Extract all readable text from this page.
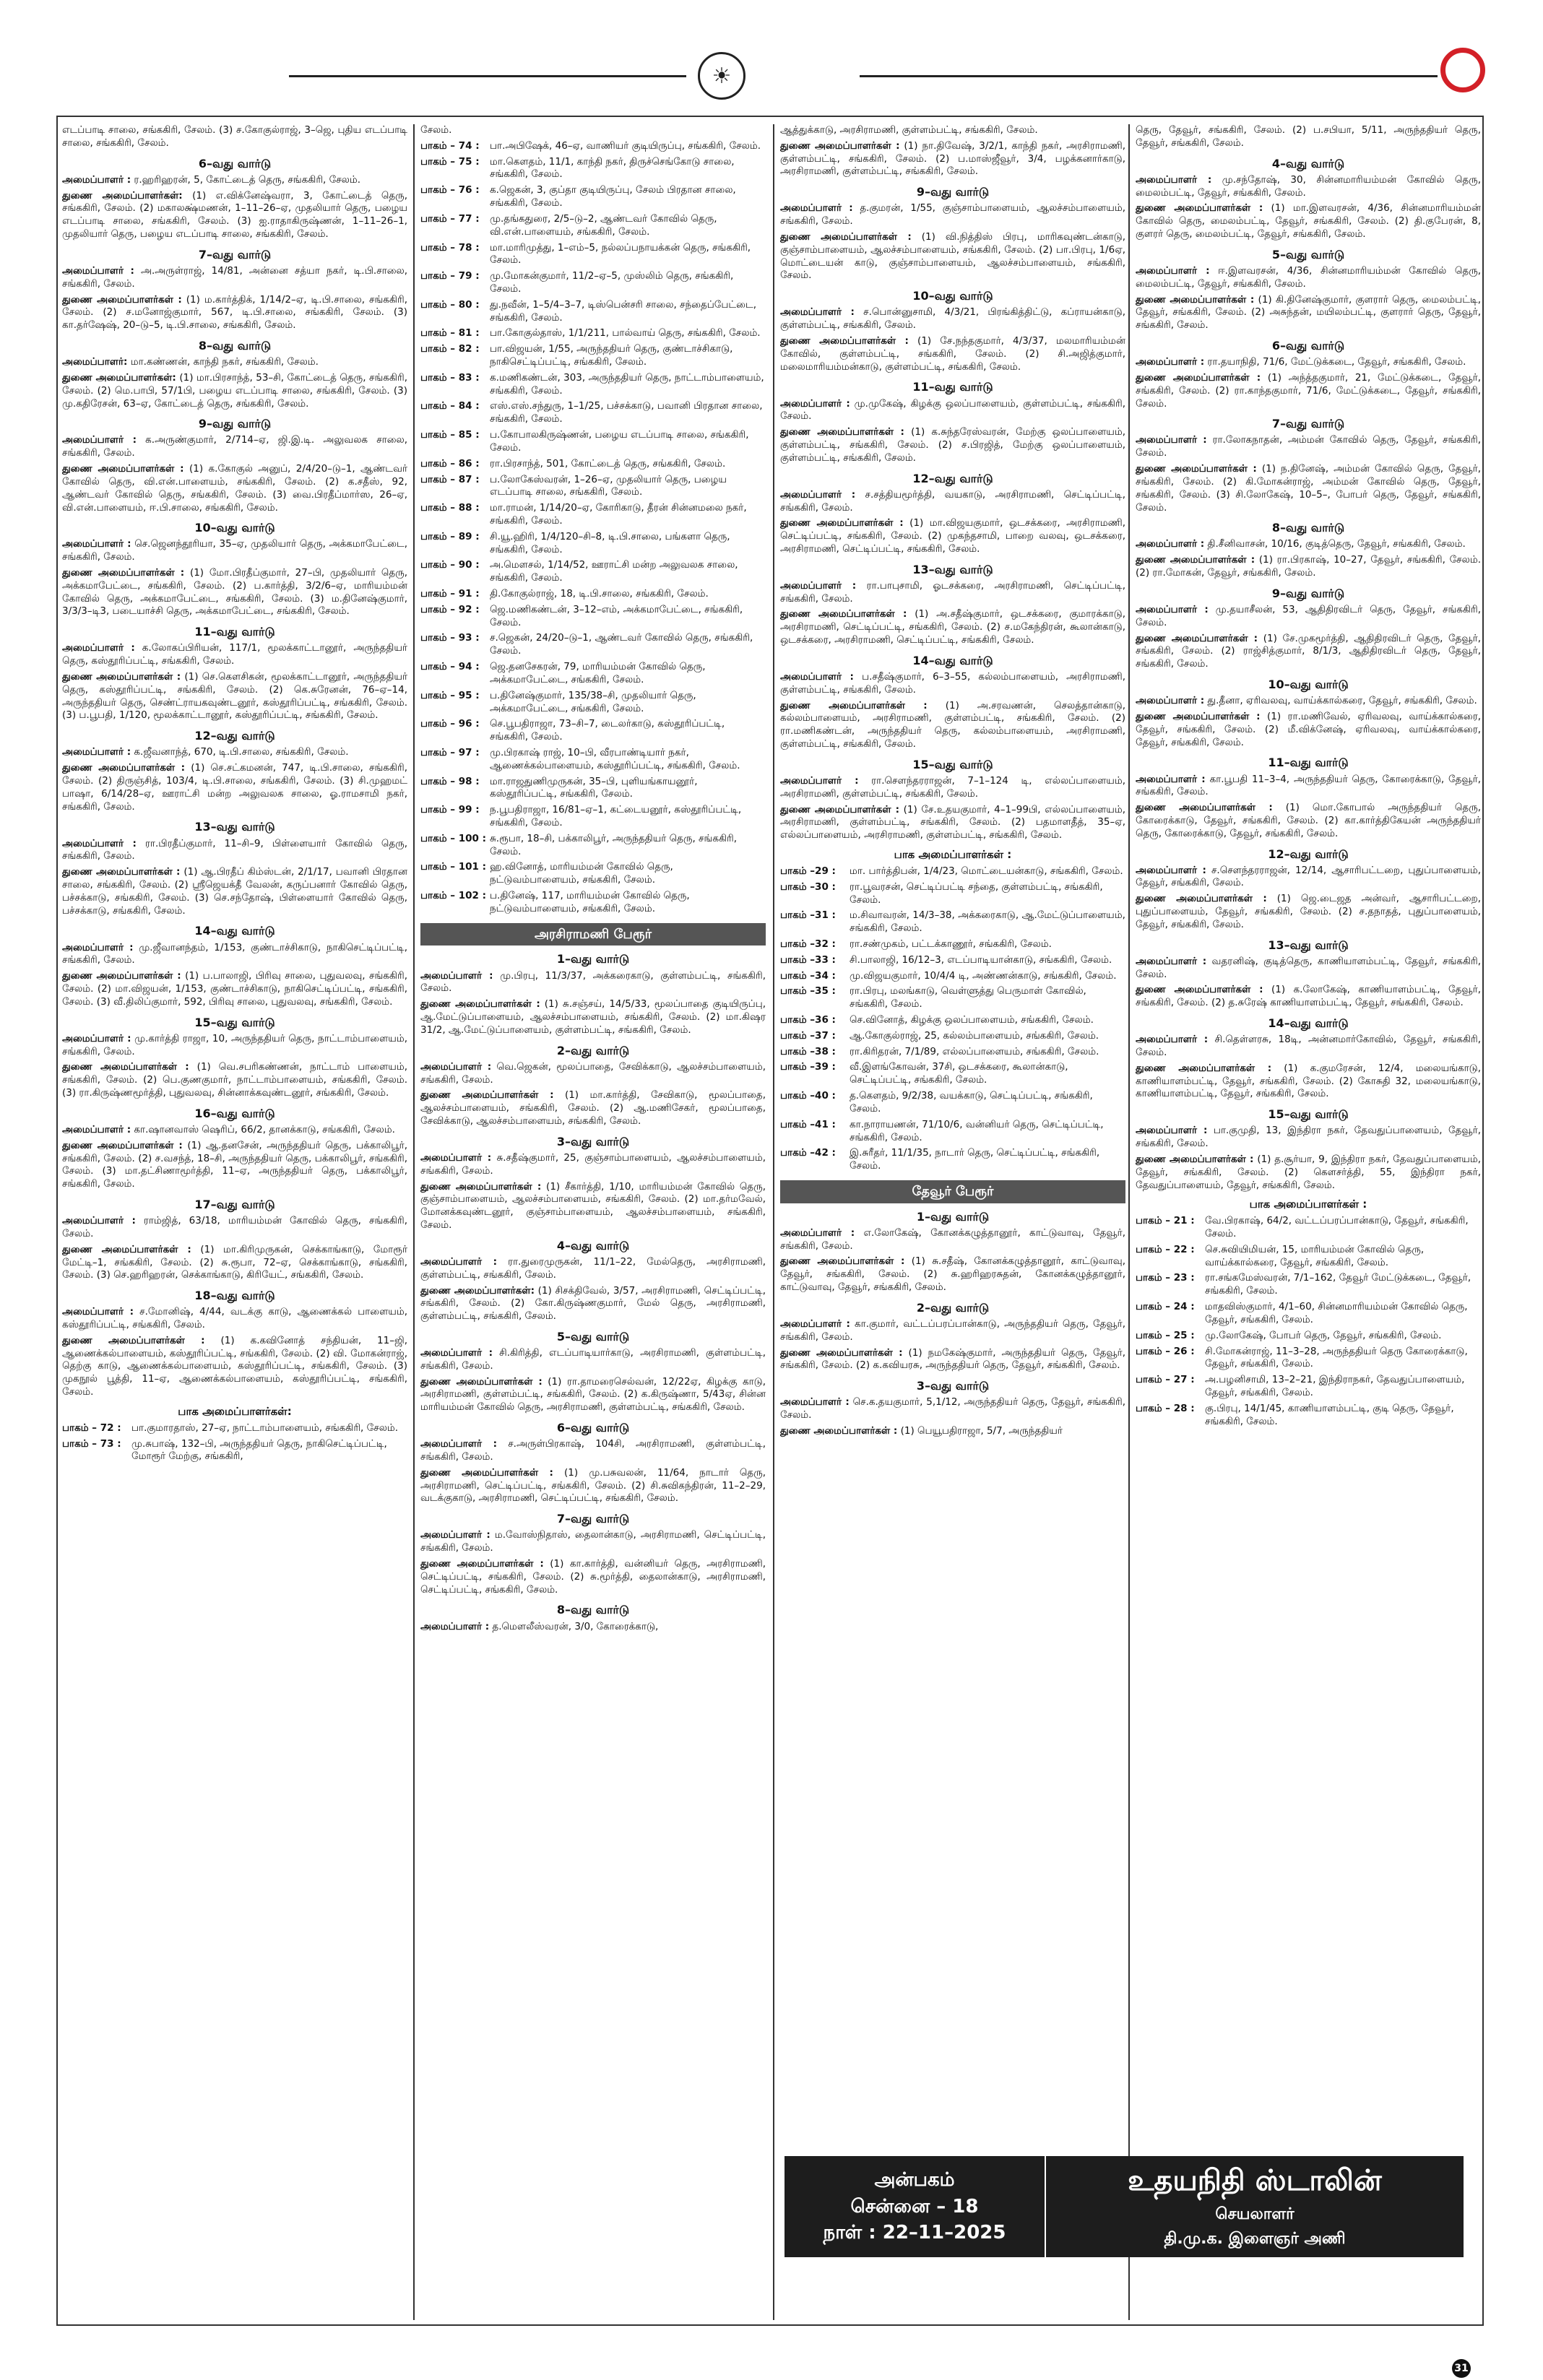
☀

எடப்பாடி சாலை, சங்ககிரி, சேலம். (3) ச.கோகுல்ராஜ், 3–ஜெ, புதிய எடப்பாடி சாலை, சங்ககிரி, சேலம்.

6–வது வார்டு

அமைப்பாளர் : ர.ஹரிஹரன், 5, கோட்டைத் தெரு, சங்ககிரி, சேலம்.

துணை அமைப்பாளர்கள்: (1) எ.விக்னேஷ்வரா, 3, கோட்டைத் தெரு, சங்ககிரி, சேலம். (2) மகாலக்ஷ்மணன், 1–11–26–ஏ, முதலியார் தெரு, பழைய எடப்பாடி சாலை, சங்ககிரி, சேலம். (3) ஐ.ராதாகிருஷ்ணன், 1–11–26–1, முதலியார் தெரு, பழைய எடப்பாடி சாலை, சங்ககிரி, சேலம்.

7–வது வார்டு

அமைப்பாளர் : அ.அருள்ராஜ், 14/81, அன்னை சத்யா நகர், டி.பி.சாலை, சங்ககிரி, சேலம்.

துணை அமைப்பாளர்கள் : (1) ம.கார்த்திக், 1/14/2–ஏ, டி.பி.சாலை, சங்ககிரி, சேலம். (2) ச.மனோஜ்குமார், 567, டி.பி.சாலை, சங்ககிரி, சேலம். (3) கா.தர்ஷேஷ், 20–டு–5, டி.பி.சாலை, சங்ககிரி, சேலம்.

8–வது வார்டு

அமைப்பாளர்: மா.கண்ணன், காந்தி நகர், சங்ககிரி, சேலம்.

துணை அமைப்பாளர்கள்: (1) மா.பிரசாந்த், 53–சி, கோட்டைத் தெரு, சங்ககிரி, சேலம். (2) மெ.பாபி, 57/1பி, பழைய எடப்பாடி சாலை, சங்ககிரி, சேலம். (3) மு.கதிரேசன், 63–ஏ, கோட்டைத் தெரு, சங்ககிரி, சேலம்.

9–வது வார்டு

அமைப்பாளர் : க.அருண்குமார், 2/714–ஏ, ஜி.இ.டி. அலுவலக சாலை, சங்ககிரி, சேலம்.

துணை அமைப்பாளர்கள் : (1) க.கோகுல் அனுப், 2/4/20–டு–1, ஆண்டவர் கோவில் தெரு, வி.என்.பாளையம், சங்ககிரி, சேலம். (2) க.சதீஸ், 92, ஆண்டவர் கோவில் தெரு, சங்ககிரி, சேலம். (3) வை.பிரதீப்மார்ஸ, 26–ஏ, வி.என்.பாளையம், ஈ.பி.சாலை, சங்ககிரி, சேலம்.

10–வது வார்டு

அமைப்பாளர் : செ.ஜெனந்தூரியா, 35–ஏ, முதலியார் தெரு, அக்கமாபேட்டை, சங்ககிரி, சேலம்.

துணை அமைப்பாளர்கள் : (1) மோ.பிரதீப்குமார், 27–பி, முதலியார் தெரு, அக்கமாபேட்டை, சங்ககிரி, சேலம். (2) ப.கார்த்தி, 3/2/6–ஏ, மாரியம்மன் கோவில் தெரு, அக்கமாபேட்டை, சங்ககிரி, சேலம். (3) ம.தினேஷ்குமார், 3/3/3–டி3, படையாச்சி தெரு, அக்கமாபேட்டை, சங்ககிரி, சேலம்.

11–வது வார்டு

அமைப்பாளர் : க.லோகப்பிரியன், 117/1, மூலக்காட்டானூர், அருந்ததியர் தெரு, கஸ்தூரிப்பட்டி, சங்ககிரி, சேலம்.

துணை அமைப்பாளர்கள் : (1) செ.கௌசிகன், மூலக்காட்டானூர், அருந்ததியர் தெரு, கஸ்தூரிப்பட்டி, சங்ககிரி, சேலம். (2) கெ.சுரேனன், 76–ஏ–14, அருந்ததியர் தெரு, செண்ட்ராயகவுண்டனூர், கஸ்தூரிப்பட்டி, சங்ககிரி, சேலம். (3) ப.பூபதி, 1/120, மூலக்காட்டானூர், கஸ்தூரிப்பட்டி, சங்ககிரி, சேலம்.

12–வது வார்டு

அமைப்பாளர் : க.ஜீவனாந்த், 670, டி.பி.சாலை, சங்ககிரி, சேலம்.

துணை அமைப்பாளர்கள் : (1) செ.சட்கமனன், 747, டி.பி.சாலை, சங்ககிரி, சேலம். (2) திருஞ்சித், 103/4, டி.பி.சாலை, சங்ககிரி, சேலம். (3) சி.முஹமட் பாஷா, 6/14/28–ஏ, ஊராட்சி மன்ற அலுவலக சாலை, ஓ.ராமசாமி நகர், சங்ககிரி, சேலம்.

13–வது வார்டு

அமைப்பாளர் : ரா.பிரதீப்குமார், 11–சி–9, பிள்ளையார் கோவில் தெரு, சங்ககிரி, சேலம்.

துணை அமைப்பாளர்கள் : (1) ஆ.பிரதீப் கிம்ஸ்டன், 2/1/17, பவானி பிரதான சாலை, சங்ககிரி, சேலம். (2) ஸ்ரீஜெயக்தீ வேலன், கருப்பனார் கோவில் தெரு, பச்சக்காடு, சங்ககிரி, சேலம். (3) செ.சந்தோஷ், பிள்ளையார் கோவில் தெரு, பச்சக்காடு, சங்ககிரி, சேலம்.

14–வது வார்டு

அமைப்பாளர் : மு.ஜீவானந்தம், 1/153, குண்டாச்சிகாடு, நாகிசெட்டிப்பட்டி, சங்ககிரி, சேலம்.

துணை அமைப்பாளர்கள் : (1) ப.பாலாஜி, பிரிவு சாலை, புதுவலவு, சங்ககிரி, சேலம். (2) மா.விஜயன், 1/153, குண்டாச்சிகாடு, நாகிசெட்டிப்பட்டி, சங்ககிரி, சேலம். (3) வீ.திலிப்குமார், 592, பிரிவு சாலை, புதுவலவு, சங்ககிரி, சேலம்.

15–வது வார்டு

அமைப்பாளர் : மு.கார்த்தி ராஜா, 10, அருந்ததியர் தெரு, நாட்டாம்பாளையம், சங்ககிரி, சேலம்.

துணை அமைப்பாளர்கள் : (1) வெ.சபரிகண்ணன், நாட்டாம் பாளையம், சங்ககிரி, சேலம். (2) பெ.குணகுமார், நாட்டாம்பாளையம், சங்ககிரி, சேலம். (3) ரா.கிருஷ்ணமூர்த்தி, புதுவலவு, சின்னாக்கவுண்டனூர், சங்ககிரி, சேலம்.

16–வது வார்டு

அமைப்பாளர் : கா.ஷானவாஸ் ஷெரிப், 66/2, தானக்காடு, சங்ககிரி, சேலம்.

துணை அமைப்பாளர்கள் : (1) ஆ.தனசேன், அருந்ததியர் தெரு, பக்காலிபூர், சங்ககிரி, சேலம். (2) ச.வசந்த், 18–சி, அருந்ததியர் தெரு, பக்காலிபூர், சங்ககிரி, சேலம். (3) மா.தட்சிணாமூர்த்தி, 11–ஏ, அருந்ததியர் தெரு, பக்காலிபூர், சங்ககிரி, சேலம்.

17–வது வார்டு

அமைப்பாளர் : ராம்ஜித், 63/18, மாரியம்மன் கோவில் தெரு, சங்ககிரி, சேலம்.

துணை அமைப்பாளர்கள் : (1) மா.கிரிமுருகன், செக்காங்காடு, மோரூர் மேட்டி–1, சங்ககிரி, சேலம். (2) சு.ரூபா, 72–ஏ, செக்காங்காடு, சங்ககிரி, சேலம். (3) செ.ஹரிஹரன், செக்காங்காடு, கிரியேட், சங்ககிரி, சேலம்.

18–வது வார்டு

அமைப்பாளர் : ச.மோனிஷ், 4/44, வடக்கு காடு, ஆணைக்கல் பாளையம், கஸ்தூரிப்பட்டி, சங்ககிரி, சேலம்.

துணை அமைப்பாளர்கள் : (1) க.கவினோத் சந்தியன், 11–ஜி, ஆணைக்கல்பாளையம், கஸ்தூரிப்பட்டி, சங்ககிரி, சேலம். (2) வி. மோகன்ராஜ், தெற்கு காடு, ஆணைக்கல்பாளையம், கஸ்தூரிப்பட்டி, சங்ககிரி, சேலம். (3) முகநூல் பூத்தி, 11–ஏ, ஆணைக்கல்பாளையம், கஸ்தூரிப்பட்டி, சங்ககிரி, சேலம்.

பாக அமைப்பாளர்கள்:
பாகம் – 72 :	பா.குமாரதாஸ், 27–ஏ, நாட்டாம்பாளையம், சங்ககிரி, சேலம்.
பாகம் – 73 :	மு.சுபாஷ், 132–பி, அருந்ததியர் தெரு, நாகிசெட்டிப்பட்டி, மோரூர் மேற்கு, சங்ககிரி,

சேலம்.

பாகம் – 74 :	பா.அபிஷேக், 46–ஏ, வாணியர் குடியிருப்பு, சங்ககிரி, சேலம்.
பாகம் – 75 :	மா.கௌதம், 11/1, காந்தி நகர், திருச்செங்கோடு சாலை, சங்ககிரி, சேலம்.
பாகம் – 76 :	க.ஜெகன், 3, குப்தா குடியிருப்பு, சேலம் பிரதான சாலை, சங்ககிரி, சேலம்.
பாகம் – 77 :	மு.தங்கதுரை, 2/5–டு–2, ஆண்டவர் கோவில் தெரு, வி.என்.பாளையம், சங்ககிரி, சேலம்.
பாகம் – 78 :	மா.மாரிமுத்து, 1–எம்–5, நல்லப்பநாயக்கன் தெரு, சங்ககிரி, சேலம்.
பாகம் – 79 :	மு.மோகன்குமார், 11/2–ஏ–5, முஸ்லிம் தெரு, சங்ககிரி, சேலம்.
பாகம் – 80 :	து.நவீன், 1–5/4–3–7, டிஸ்பென்சரி சாலை, சந்தைப்பேட்டை, சங்ககிரி, சேலம்.
பாகம் – 81 :	பா.கோகுல்தாஸ், 1/1/211, பால்வாய் தெரு, சங்ககிரி, சேலம்.
பாகம் – 82 :	பா.விஜயன், 1/55, அருந்ததியர் தெரு, குண்டாச்சிகாடு, நாகிசெட்டிப்பட்டி, சங்ககிரி, சேலம்.
பாகம் – 83 :	க.மணிகண்டன், 303, அருந்ததியர் தெரு, நாட்டாம்பாளையம், சங்ககிரி, சேலம்.
பாகம் – 84 :	எஸ்.எஸ்.சந்துரு, 1–1/25, பச்சக்காடு, பவானி பிரதான சாலை, சங்ககிரி, சேலம்.
பாகம் – 85 :	ப.கோபாலகிருஷ்ணன், பழைய எடப்பாடி சாலை, சங்ககிரி, சேலம்.
பாகம் – 86 :	ரா.பிரசாந்த், 501, கோட்டைத் தெரு, சங்ககிரி, சேலம்.
பாகம் – 87 :	ப.லோகேஸ்வரன், 1–26–ஏ, முதலியார் தெரு, பழைய எடப்பாடி சாலை, சங்ககிரி, சேலம்.
பாகம் – 88 :	மா.ராமன், 1/14/20–ஏ, கோரிகாடு, தீரன் சின்னமலை நகர், சங்ககிரி, சேலம்.
பாகம் – 89 :	சி.யூ.ஹிரி, 1/4/120–சி–8, டி.பி.சாலை, பங்களா தெரு, சங்ககிரி, சேலம்.
பாகம் – 90 :	அ.மௌசல், 1/14/52, ஊராட்சி மன்ற அலுவலக சாலை, சங்ககிரி, சேலம்.
பாகம் – 91 :	தி.கோகுல்ராஜ், 18, டி.பி.சாலை, சங்ககிரி, சேலம்.
பாகம் – 92 :	ஜெ.மணிகண்டன், 3–12–எம், அக்கமாபேட்டை, சங்ககிரி, சேலம்.
பாகம் – 93 :	ச.ஜெகன், 24/20–டு–1, ஆண்டவர் கோவில் தெரு, சங்ககிரி, சேலம்.
பாகம் – 94 :	ஜெ.தனசேகரன், 79, மாரியம்மன் கோவில் தெரு, அக்கமாபேட்டை, சங்ககிரி, சேலம்.
பாகம் – 95 :	ப.தினேஷ்குமார், 135/38–சி, முதலியார் தெரு, அக்கமாபேட்டை, சங்ககிரி, சேலம்.
பாகம் – 96 :	செ.பூபதிராஜா, 73–சி–7, டைலர்காடு, கஸ்தூரிப்பட்டி, சங்ககிரி, சேலம்.
பாகம் – 97 :	மு.பிரகாஷ் ராஜ், 10–பி, வீரபாண்டியார் நகர், ஆணைக்கல்பாளையம், கஸ்தூரிப்பட்டி, சங்ககிரி, சேலம்.
பாகம் – 98 :	மா.ராஜதுணிமுருகன், 35–பி, புளியங்காயனூர், கஸ்தூரிப்பட்டி, சங்ககிரி, சேலம்.
பாகம் – 99 :	ந.பூபதிராஜா, 16/81–ஏ–1, கட்டையனூர், கஸ்தூரிப்பட்டி, சங்ககிரி, சேலம்.
பாகம் – 100 : சு.ரூபா, 18–சி, பக்காலிபூர், அருந்ததியர் தெரு, சங்ககிரி, சேலம்.
பாகம் – 101 : ஹ.வினோத், மாரியம்மன் கோவில் தெரு, நட்டுவம்பாளையம், சங்ககிரி, சேலம்.
பாகம் – 102 : ப.தினேஷ், 117, மாரியம்மன் கோவில் தெரு, நட்டுவம்பாளையம், சங்ககிரி, சேலம்.
அரசிராமணி பேரூர்
1–வது வார்டு

அமைப்பாளர் : மு.பிரபு, 11/3/37, அக்கரைகாடு, குள்ளம்பட்டி, சங்ககிரி, சேலம்.

துணை அமைப்பாளர்கள் : (1) சு.சஞ்சய், 14/5/33, மூலப்பாதை குடியிருப்பு, ஆ.மேட்டுப்பாளையம், ஆலச்சம்பாளையம், சங்ககிரி, சேலம். (2) மா.கிஷர 31/2, ஆ.மேட்டுப்பாளையம், குள்ளம்பட்டி, சங்ககிரி, சேலம்.

2–வது வார்டு

அமைப்பாளர் : வெ.ஜெகன், மூலப்பாதை, சேவிக்காடு, ஆலச்சம்பாளையம், சங்ககிரி, சேலம்.

துணை அமைப்பாளர்கள் : (1) மா.கார்த்தி, சேவிகாடு, மூலப்பாதை, ஆலச்சம்பாளையம், சங்ககிரி, சேலம். (2) ஆ.மணிசேகர், மூலப்பாதை, சேவிக்காடு, ஆலச்சம்பாளையம், சங்ககிரி, சேலம்.

3–வது வார்டு

அமைப்பாளர் : சு.சதீஷ்குமார், 25, குஞ்சாம்பாளையம், ஆலச்சம்பாளையம், சங்ககிரி, சேலம்.

துணை அமைப்பாளர்கள் : (1) சீகார்த்தி, 1/10, மாரியம்மன் கோவில் தெரு, குஞ்சாம்பாளையம், ஆலச்சம்பாளையம், சங்ககிரி, சேலம். (2) மா.தர்மவேல், மோனக்கவுண்டனூர், குஞ்சாம்பாளையம், ஆலச்சம்பாளையம், சங்ககிரி, சேலம்.

4–வது வார்டு

அமைப்பாளர் : ரா.துரைமுருகன், 11/1–22, மேல்தெரு, அரசிராமணி, குள்ளம்பட்டி, சங்ககிரி, சேலம்.

துணை அமைப்பாளர்கள்: (1) சிசக்திவேல், 3/57, அரசிராமணி, செட்டிப்பட்டி, சங்ககிரி, சேலம். (2) கோ.கிருஷ்ணகுமார், மேல் தெரு, அரசிராமணி, குள்ளம்பட்டி, சங்ககிரி, சேலம்.

5–வது வார்டு

அமைப்பாளர் : சி.கிரித்தி, எடப்பாடியார்காடு, அரசிராமணி, குள்ளம்பட்டி, சங்ககிரி, சேலம்.

துணை அமைப்பாளர்கள் : (1) ரா.தாமரைசெல்வன், 12/22ஏ, கிழக்கு காடு, அரசிராமணி, குள்ளம்பட்டி, சங்ககிரி, சேலம். (2) க.கிருஷ்ணா, 5/43ஏ, சின்ன மாரியம்மன் கோவில் தெரு, அரசிராமணி, குள்ளம்பட்டி, சங்ககிரி, சேலம்.

6–வது வார்டு

அமைப்பாளர் : ச.அருள்பிரகாஷ், 104சி, அரசிராமணி, குள்ளம்பட்டி, சங்ககிரி, சேலம்.

துணை அமைப்பாளர்கள் : (1) மு.பசுவலன், 11/64, நாடார் தெரு, அரசிராமணி, செட்டிப்பட்டி, சங்ககிரி, சேலம். (2) சி.சுவிகந்திரன், 11–2–29, வடக்குகாடு, அரசிராமணி, செட்டிப்பட்டி, சங்ககிரி, சேலம்.

7–வது வார்டு

அமைப்பாளர் : ம.வோஸ்நிதாஸ், தைலான்காடு, அரசிராமணி, செட்டிப்பட்டி, சங்ககிரி, சேலம்.

துணை அமைப்பாளர்கள் : (1) கா.கார்த்தி, வன்னியர் தெரு, அரசிராமணி, செட்டிப்பட்டி, சங்ககிரி, சேலம். (2) சு.மூர்த்தி, தைலான்காடு, அரசிராமணி, செட்டிப்பட்டி, சங்ககிரி, சேலம்.

8–வது வார்டு

அமைப்பாளர் : த.மௌலீஸ்வரன், 3/0, கோரைக்காடு,

ஆத்துக்காடு, அரசிராமணி, குள்ளம்பட்டி, சங்ககிரி, சேலம்.

துணை அமைப்பாளர்கள் : (1) நா.திவேஷ், 3/2/1, காந்தி நகர், அரசிராமணி, குள்ளம்பட்டி, சங்ககிரி, சேலம். (2) ப.மாஸ்ஜீவூர், 3/4, பழக்கனார்காடு, அரசிராமணி, குள்ளம்பட்டி, சங்ககிரி, சேலம்.

9–வது வார்டு

அமைப்பாளர் : த.குமரன், 1/55, குஞ்சாம்பாளையம், ஆலச்சம்பாளையம், சங்ககிரி, சேலம்.

துணை அமைப்பாளர்கள் : (1) வி.நித்திஸ் பிரபு, மாரிகவுண்டன்காடு, குஞ்சாம்பாளையம், ஆலச்சம்பாளையம், சங்ககிரி, சேலம். (2) பா.பிரபு, 1/6ஏ, மொட்டையன் காடு, குஞ்சாம்பாளையம், ஆலச்சம்பாளையம், சங்ககிரி, சேலம்.

10–வது வார்டு

அமைப்பாளர் : ச.பொன்னுசாமி, 4/3/21, பிரங்கித்திட்டு, கப்ராயன்காடு, குள்ளம்பட்டி, சங்ககிரி, சேலம்.

துணை அமைப்பாளர்கள் : (1) சே.நந்தகுமார், 4/3/37, மலமாரியம்மன் கோவில், குள்ளம்பட்டி, சங்ககிரி, சேலம். (2) சி.அஜித்குமார், மலைமாரியம்மன்காடு, குள்ளம்பட்டி, சங்ககிரி, சேலம்.

11–வது வார்டு

அமைப்பாளர் : மு.முகேஷ், கிழக்கு ஒலப்பாளையம், குள்ளம்பட்டி, சங்ககிரி, சேலம்.

துணை அமைப்பாளர்கள் : (1) க.சுந்தரேஸ்வரன், மேற்கு ஒலப்பாளையம், குள்ளம்பட்டி, சங்ககிரி, சேலம். (2) ச.பிரஜித், மேற்கு ஒலப்பாளையம், குள்ளம்பட்டி, சங்ககிரி, சேலம்.

12–வது வார்டு

அமைப்பாளர் : ச.சத்தியமூர்த்தி, வயகாடு, அரசிராமணி, செட்டிப்பட்டி, சங்ககிரி, சேலம்.

துணை அமைப்பாளர்கள் : (1) மா.விஜயகுமார், ஒடசக்கரை, அரசிராமணி, செட்டிப்பட்டி, சங்ககிரி, சேலம். (2) முகந்தசாமி, பாறை வலவு, ஒடசக்கரை, அரசிராமணி, செட்டிப்பட்டி, சங்ககிரி, சேலம்.

13–வது வார்டு

அமைப்பாளர் : ரா.பாபுசாமி, ஓடசக்கரை, அரசிராமணி, செட்டிப்பட்டி, சங்ககிரி, சேலம்.

துணை அமைப்பாளர்கள் : (1) அ.சதீஷ்குமார், ஒடசக்கரை, குமாரக்காடு, அரசிராமணி, செட்டிப்பட்டி, சங்ககிரி, சேலம். (2) ச.மகேந்திரன், கூலான்காடு, ஒடசக்கரை, அரசிராமணி, செட்டிப்பட்டி, சங்ககிரி, சேலம்.

14–வது வார்டு

அமைப்பாளர் : ப.சதீஷ்குமார், 6–3–55, கல்லம்பாளையம், அரசிராமணி, குள்ளம்பட்டி, சங்ககிரி, சேலம்.

துணை அமைப்பாளர்கள் : (1) அ.சரவணன், செலத்தான்காடு, கல்லம்பாளையம், அரசிராமணி, குள்ளம்பட்டி, சங்ககிரி, சேலம். (2) ரா.மணிகண்டன், அருந்ததியர் தெரு, கல்லம்பாளையம், அரசிராமணி, குள்ளம்பட்டி, சங்ககிரி, சேலம்.

15–வது வார்டு

அமைப்பாளர் : ரா.சௌந்தரராஜன், 7–1–124 டி, எல்லப்பாளையம், அரசிராமணி, குள்ளம்பட்டி, சங்ககிரி, சேலம்.

துணை அமைப்பாளர்கள் : (1) சே.உதயகுமார், 4–1–99பி, எல்லப்பாளையம், அரசிராமணி, குள்ளம்பட்டி, சங்ககிரி, சேலம். (2) பதமாளதீத், 35–ஏ, எல்லப்பாளையம், அரசிராமணி, குள்ளம்பட்டி, சங்ககிரி, சேலம்.

பாக அமைப்பாளர்கள் :
பாகம் –29 :	மா. பார்த்திபன், 1/4/23, மொட்டையன்காடு, சங்ககிரி, சேலம்.
பாகம் –30 :	ரா.பூவரசன், செட்டிப்பட்டி சந்தை, குள்ளம்பட்டி, சங்ககிரி, சேலம்.
பாகம் –31 :	ம.சிவாவரன், 14/3–38, அக்கரைகாடு, ஆ.மேட்டுப்பாளையம், சங்ககிரி, சேலம்.
பாகம் –32 :	ரா.சண்முகம், பட்டக்காணூர், சங்ககிரி, சேலம்.
பாகம் –33 :	சி.பாலாஜி, 16/12–3, எடப்பாடியான்காடு, சங்ககிரி, சேலம்.
பாகம் –34 :	மு.விஜயகுமார், 10/4/4 டி, அண்ணன்காடு, சங்ககிரி, சேலம்.
பாகம் –35 :	ரா.பிரபு, மலங்காடு, வெள்ளுத்து பெருமாள் கோவில், சங்ககிரி, சேலம்.
பாகம் –36 :	செ.வினோத், கிழக்கு ஒலப்பாளையம், சங்ககிரி, சேலம்.
பாகம் –37 :	ஆ.கோகுல்ராஜ், 25, கல்லம்பாளையம், சங்ககிரி, சேலம்.
பாகம் –38 :	ரா.கிரிதரன், 7/1/89, எல்லப்பாளையம், சங்ககிரி, சேலம்.
பாகம் –39 :	வீ.இளங்கோவன், 37சி, ஒடசக்கரை, கூலான்காடு, செட்டிப்பட்டி, சங்ககிரி, சேலம்.
பாகம் –40 :	த.கௌதம், 9/2/38, வயக்காடு, செட்டிப்பட்டி, சங்ககிரி, சேலம்.
பாகம் –41 :	கா.நாராயணன், 71/10/6, வன்னியர் தெரு, செட்டிப்பட்டி, சங்ககிரி, சேலம்.
பாகம் –42 :	இ.சுரீதர், 11/1/35, நாடார் தெரு, செட்டிப்பட்டி, சங்ககிரி, சேலம்.
தேவூர் பேரூர்
1–வது வார்டு

அமைப்பாளர் : எ.லோகேஷ், கோனக்கழுத்தானூர், காட்டுவாவு, தேவூர், சங்ககிரி, சேலம்.

துணை அமைப்பாளர்கள் : (1) சு.சதீஷ், கோனக்கழுத்தானூர், காட்டுவாவு, தேவூர், சங்ககிரி, சேலம். (2) சு.ஹரிஹரசுதன், கோனக்கழுத்தானூர், காட்டுவாவு, தேவூர், சங்ககிரி, சேலம்.

2–வது வார்டு

அமைப்பாளர் : கா.குமார், வட்டப்பரப்பான்காடு, அருந்ததியர் தெரு, தேவூர், சங்ககிரி, சேலம்.

துணை அமைப்பாளர்கள் : (1) நமகேஷ்குமார், அருந்ததியர் தெரு, தேவூர், சங்ககிரி, சேலம். (2) க.கவியரசு, அருந்ததியர் தெரு, தேவூர், சங்ககிரி, சேலம்.

3–வது வார்டு

அமைப்பாளர் : செ.க.தயகுமார், 5,1/12, அருந்ததியர் தெரு, தேவூர், சங்ககிரி, சேலம்.

துணை அமைப்பாளர்கள் : (1) பெயூபதிராஜா, 5/7, அருந்ததியர்

தெரு, தேவூர், சங்ககிரி, சேலம். (2) ப.சபியா, 5/11, அருந்ததியர் தெரு, தேவூர், சங்ககிரி, சேலம்.

4–வது வார்டு

அமைப்பாளர் : மு.சந்தோஷ், 30, சின்னமாரியம்மன் கோவில் தெரு, மைலம்பட்டி, தேவூர், சங்ககிரி, சேலம்.

துணை அமைப்பாளர்கள் : (1) மா.இளவரசன், 4/36, சின்னமாரியம்மன் கோவில் தெரு, மைலம்பட்டி, தேவூர், சங்ககிரி, சேலம். (2) தி.குபேரன், 8, குளரர் தெரு, மைலம்பட்டி, தேவூர், சங்ககிரி, சேலம்.

5–வது வார்டு

அமைப்பாளர் : ஈ.இளவரசன், 4/36, சின்னமாரியம்மன் கோவில் தெரு, மைலம்பட்டி, தேவூர், சங்ககிரி, சேலம்.

துணை அமைப்பாளர்கள் : (1) கி.தினேஷ்குமார், குளரார் தெரு, மைலம்பட்டி, தேவூர், சங்ககிரி, சேலம். (2) அசுந்தன், மயிலம்பட்டி, குளரார் தெரு, தேவூர், சங்ககிரி, சேலம்.

6–வது வார்டு

அமைப்பாளர் : ரா.தயாநிதி, 71/6, மேட்டுக்கடை, தேவூர், சங்ககிரி, சேலம்.

துணை அமைப்பாளர்கள் : (1) அந்த்தகுமார், 21, மேட்டுக்கடை, தேவூர், சங்ககிரி, சேலம். (2) ரா.காந்தகுமார், 71/6, மேட்டுக்கடை, தேவூர், சங்ககிரி, சேலம்.

7–வது வார்டு

அமைப்பாளர் : ரா.லோகநாதன், அம்மன் கோவில் தெரு, தேவூர், சங்ககிரி, சேலம்.

துணை அமைப்பாளர்கள் : (1) ந.தினேஷ், அம்மன் கோவில் தெரு, தேவூர், சங்ககிரி, சேலம். (2) கி.மோகன்ராஜ், அம்மன் கோவில் தெரு, தேவூர், சங்ககிரி, சேலம். (3) சி.லோகேஷ், 10–5–, போபர் தெரு, தேவூர், சங்ககிரி, சேலம்.

8–வது வார்டு

அமைப்பாளர் : தி.சீனிவாசன், 10/16, குடித்தெரு, தேவூர், சங்ககிரி, சேலம்.

துணை அமைப்பாளர்கள் : (1) ரா.பிரகாஷ், 10–27, தேவூர், சங்ககிரி, சேலம். (2) ரா.மோகன், தேவூர், சங்ககிரி, சேலம்.

9–வது வார்டு

அமைப்பாளர் : மு.தயாசீலன், 53, ஆதிதிரவிடர் தெரு, தேவூர், சங்ககிரி, சேலம்.

துணை அமைப்பாளர்கள் : (1) சே.முகமூர்த்தி, ஆதிதிரவிடர் தெரு, தேவூர், சங்ககிரி, சேலம். (2) ராஜ்சித்குமார், 8/1/3, ஆதிதிரவிடர் தெரு, தேவூர், சங்ககிரி, சேலம்.

10–வது வார்டு

அமைப்பாளர் : து.தீனா, ஏரிவலவு, வாய்க்கால்கரை, தேவூர், சங்ககிரி, சேலம்.

துணை அமைப்பாளர்கள் : (1) ரா.மணிவேல், ஏரிவலவு, வாய்க்கால்கரை, தேவூர், சங்ககிரி, சேலம். (2) மீ.விக்னேஷ், ஏரிவலவு, வாய்க்கால்கரை, தேவூர், சங்ககிரி, சேலம்.

11–வது வார்டு

அமைப்பாளர் : கா.பூபதி 11–3–4, அருந்ததியர் தெரு, கோரைக்காடு, தேவூர், சங்ககிரி, சேலம்.

துணை அமைப்பாளர்கள் : (1) மொ.கோபால் அருந்ததியர் தெரு, கோரைக்காடு, தேவூர், சங்ககிரி, சேலம். (2) கா.கார்த்திகேயன் அருந்ததியர் தெரு, கோரைக்காடு, தேவூர், சங்ககிரி, சேலம்.

12–வது வார்டு

அமைப்பாளர் : ச.செளந்தரராஜன், 12/14, ஆசாரிபட்டறை, புதுப்பாளையம், தேவூர், சங்ககிரி, சேலம்.

துணை அமைப்பாளர்கள் : (1) ஜெ.டைஜத அன்வர், ஆசாரிபட்டறை, புதுப்பாளையம், தேவூர், சங்ககிரி, சேலம். (2) ச.தநாதத், புதுப்பாளையம், தேவூர், சங்ககிரி, சேலம்.

13–வது வார்டு

அமைப்பாளர் : வதரனிஷ், குடித்தெரு, காணியாளம்பட்டி, தேவூர், சங்ககிரி, சேலம்.

துணை அமைப்பாளர்கள் : (1) க.லோகேஷ், காணியாளம்பட்டி, தேவூர், சங்ககிரி, சேலம். (2) த.சுரேஷ் காணியாளம்பட்டி, தேவூர், சங்ககிரி, சேலம்.

14–வது வார்டு

அமைப்பாளர் : சி.தெள்ளரசு, 18டி, அன்னமார்கோவில், தேவூர், சங்ககிரி, சேலம்.

துணை அமைப்பாளர்கள் : (1) க.குமரேசன், 12/4, மலையங்காடு, காணியாளம்பட்டி, தேவூர், சங்ககிரி, சேலம். (2) கோசுதி 32, மலையங்காடு, காணியாளம்பட்டி, தேவூர், சங்ககிரி, சேலம்.

15–வது வார்டு

அமைப்பாளர் : பா.குமுதி, 13, இந்திரா நகர், தேவதுப்பாளையம், தேவூர், சங்ககிரி, சேலம்.

துணை அமைப்பாளர்கள் : (1) த.சூர்யா, 9, இந்திரா நகர், தேவதுப்பாளையம், தேவூர், சங்ககிரி, சேலம். (2) கௌசர்த்தி, 55, இந்திரா நகர், தேவதுப்பாளையம், தேவூர், சங்ககிரி, சேலம்.

பாக அமைப்பாளர்கள் :
பாகம் – 21 :	வே.பிரகாஷ், 64/2, வட்டப்பரப்பான்காடு, தேவூர், சங்ககிரி, சேலம்.
பாகம் – 22 :	செ.சுவியிமியன், 15, மாரியம்மன் கோவில் தெரு, வாய்க்கால்கரை, தேவூர், சங்ககிரி, சேலம்.
பாகம் – 23 :	ரா.சங்கமேஸ்வரன், 7/1–162, தேவூர் மேட்டுக்கடை, தேவூர், சங்ககிரி, சேலம்.
பாகம் – 24 :	மாதவிஸ்குமார், 4/1–60, சின்னமாரியம்மன் கோவில் தெரு, தேவூர், சங்ககிரி, சேலம்.
பாகம் – 25 :	மு.லோகேஷ், போபர் தெரு, தேவூர், சங்ககிரி, சேலம்.
பாகம் – 26 :	சி.மோகன்ராஜ், 11–3–28, அருந்ததியர் தெரு கோரைக்காடு, தேவூர், சங்ககிரி, சேலம்.
பாகம் – 27 :	அ.பழனிசாமி, 13–2–21, இந்திராநகர், தேவதுப்பாளையம், தேவூர், சங்ககிரி, சேலம்.
பாகம் – 28 :	கு.பிரபு, 14/1/45, காணியாளம்பட்டி, குடி தெரு, தேவூர், சங்ககிரி, சேலம்.
அன்பகம்
சென்னை – 18
நாள் : 22–11–2025
உதயநிதி ஸ்டாலின்
செயலாளர்
தி.மு.க. இளைஞர் அணி
31
